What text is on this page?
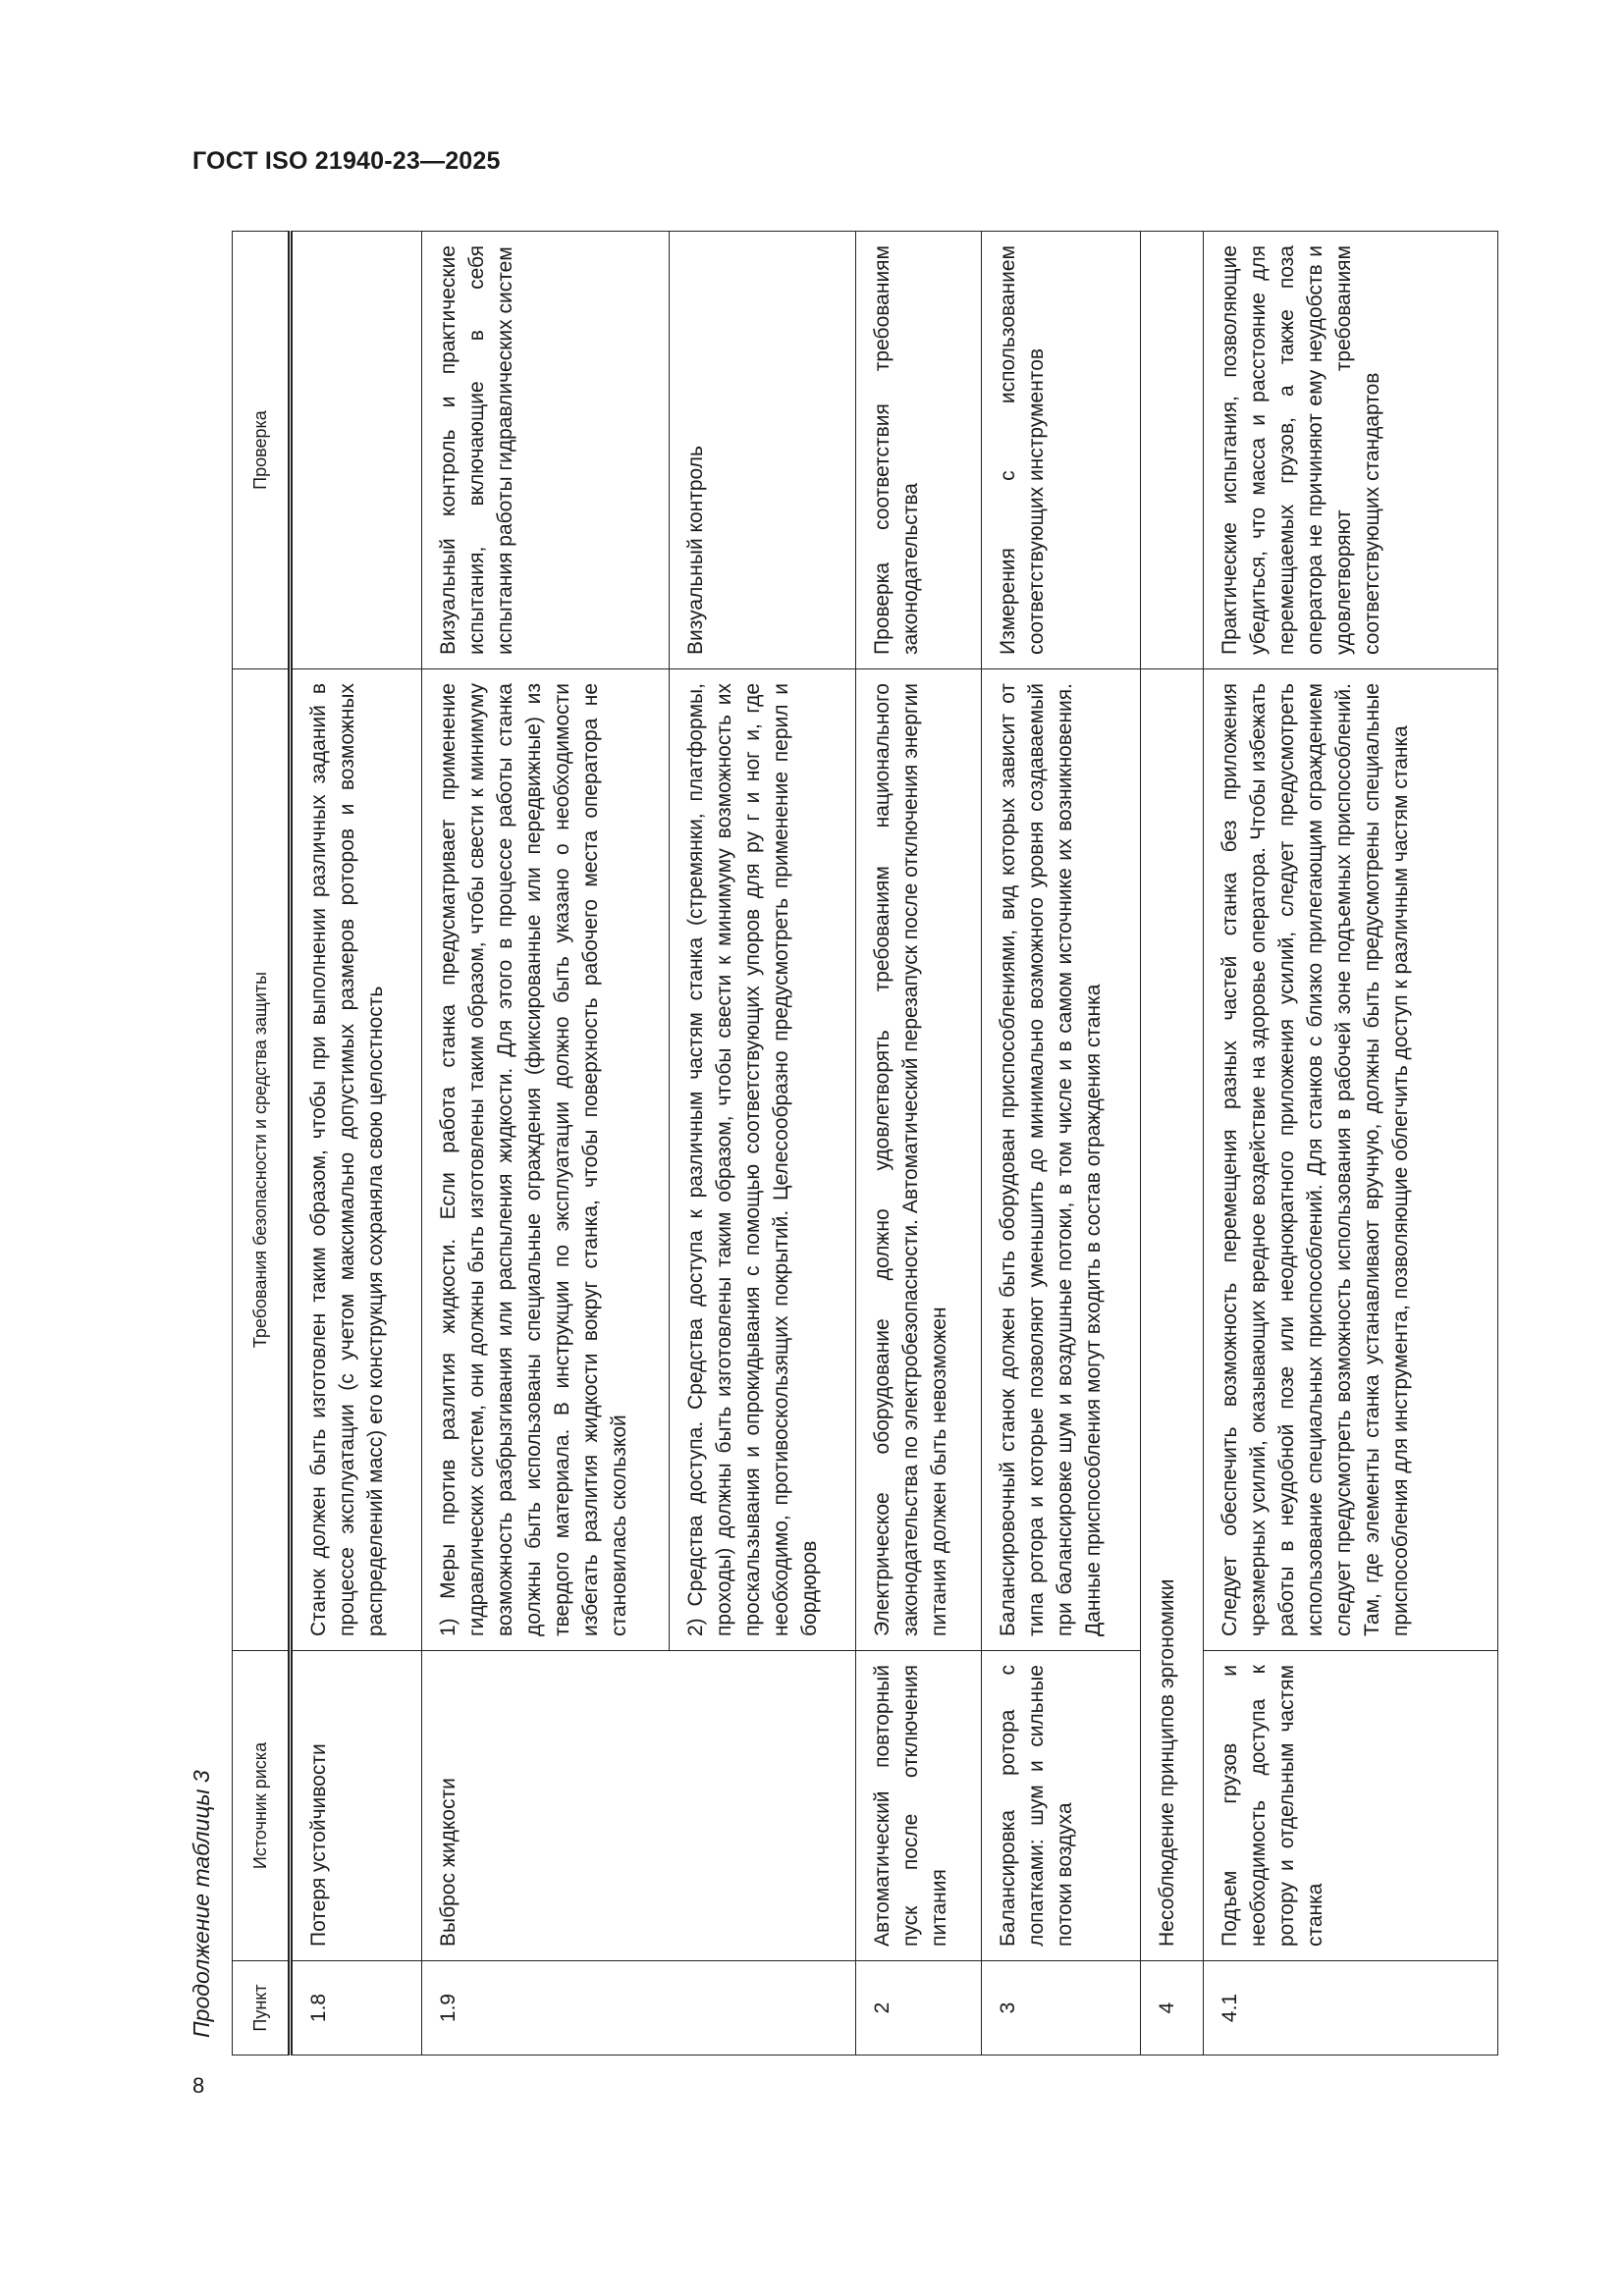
ГОСТ ISO 21940-23—2025
Продолжение таблицы 3
8
Пункт	Источник риска	Требования безопасности и средства защиты	Проверка
1.8	Потеря устойчивости	Станок должен быть изготовлен таким образом, чтобы при выполнении различных заданий в процессе эксплуатации (с учетом максимально допустимых размеров роторов и возможных распределений масс) его конструкция сохраняла свою целостность	
1.9	Выброс жидкости	1) Меры против разлития жидкости. Если работа станка предусматривает применение гидравлических систем, они должны быть изготовлены таким образом, чтобы свести к минимуму возможность разбрызгивания или распыления жидкости. Для этого в процессе работы станка должны быть использованы специальные ограждения (фиксированные или передвижные) из твердого материала. В инструкции по эксплуатации должно быть указано о необходимости избегать разлития жидкости вокруг станка, чтобы поверхность рабочего места оператора не становилась скользкой	Визуальный контроль и практические испытания, включающие в себя испытания работы гидравлических систем
		2) Средства доступа. Средства доступа к различным частям станка (стремянки, платформы, проходы) должны быть изготовлены таким образом, чтобы свести к минимуму возможность их проскальзывания и опрокидывания с помощью соответствующих упоров для ру г и ног и, где необходимо, противоскользящих покрытий. Целесообразно предусмотреть применение перил и бордюров	Визуальный контроль
2	Автоматический повторный пуск после отключения питания	Электрическое оборудование должно удовлетворять требованиям национального законодательства по электробезопасности. Автоматический перезапуск после отключения энергии питания должен быть невозможен	Проверка соответствия требованиям законодательства
3	Балансировка ротора с лопатками: шум и сильные потоки воздуха	Балансировочный станок должен быть оборудован приспособлениями, вид которых зависит от типа ротора и которые позволяют уменьшить до минимально возможного уровня создаваемый при балансировке шум и воздушные потоки, в том числе и в самом источнике их возникновения. Данные приспособления могут входить в состав ограждения станка	Измерения с использованием соответствующих инструментов
4	Несоблюдение принципов эргономики		
4.1	Подъем грузов и необходимость доступа к ротору и отдельным частям станка	Следует обеспечить возможность перемещения разных частей станка без приложения чрезмерных усилий, оказывающих вредное воздействие на здоровье оператора. Чтобы избежать работы в неудобной позе или неоднократного приложения усилий, следует предусмотреть использование специальных приспособлений. Для станков с близко прилегающим ограждением следует предусмотреть возможность использования в рабочей зоне подъемных приспособлений. Там, где элементы станка устанавливают вручную, должны быть предусмотрены специальные приспособления для инструмента, позволяющие облегчить доступ к различным частям станка	Практические испытания, позволяющие убедиться, что масса и расстояние для перемещаемых грузов, а также поза оператора не причиняют ему неудобств и удовлетворяют требованиям соответствующих стандартов
